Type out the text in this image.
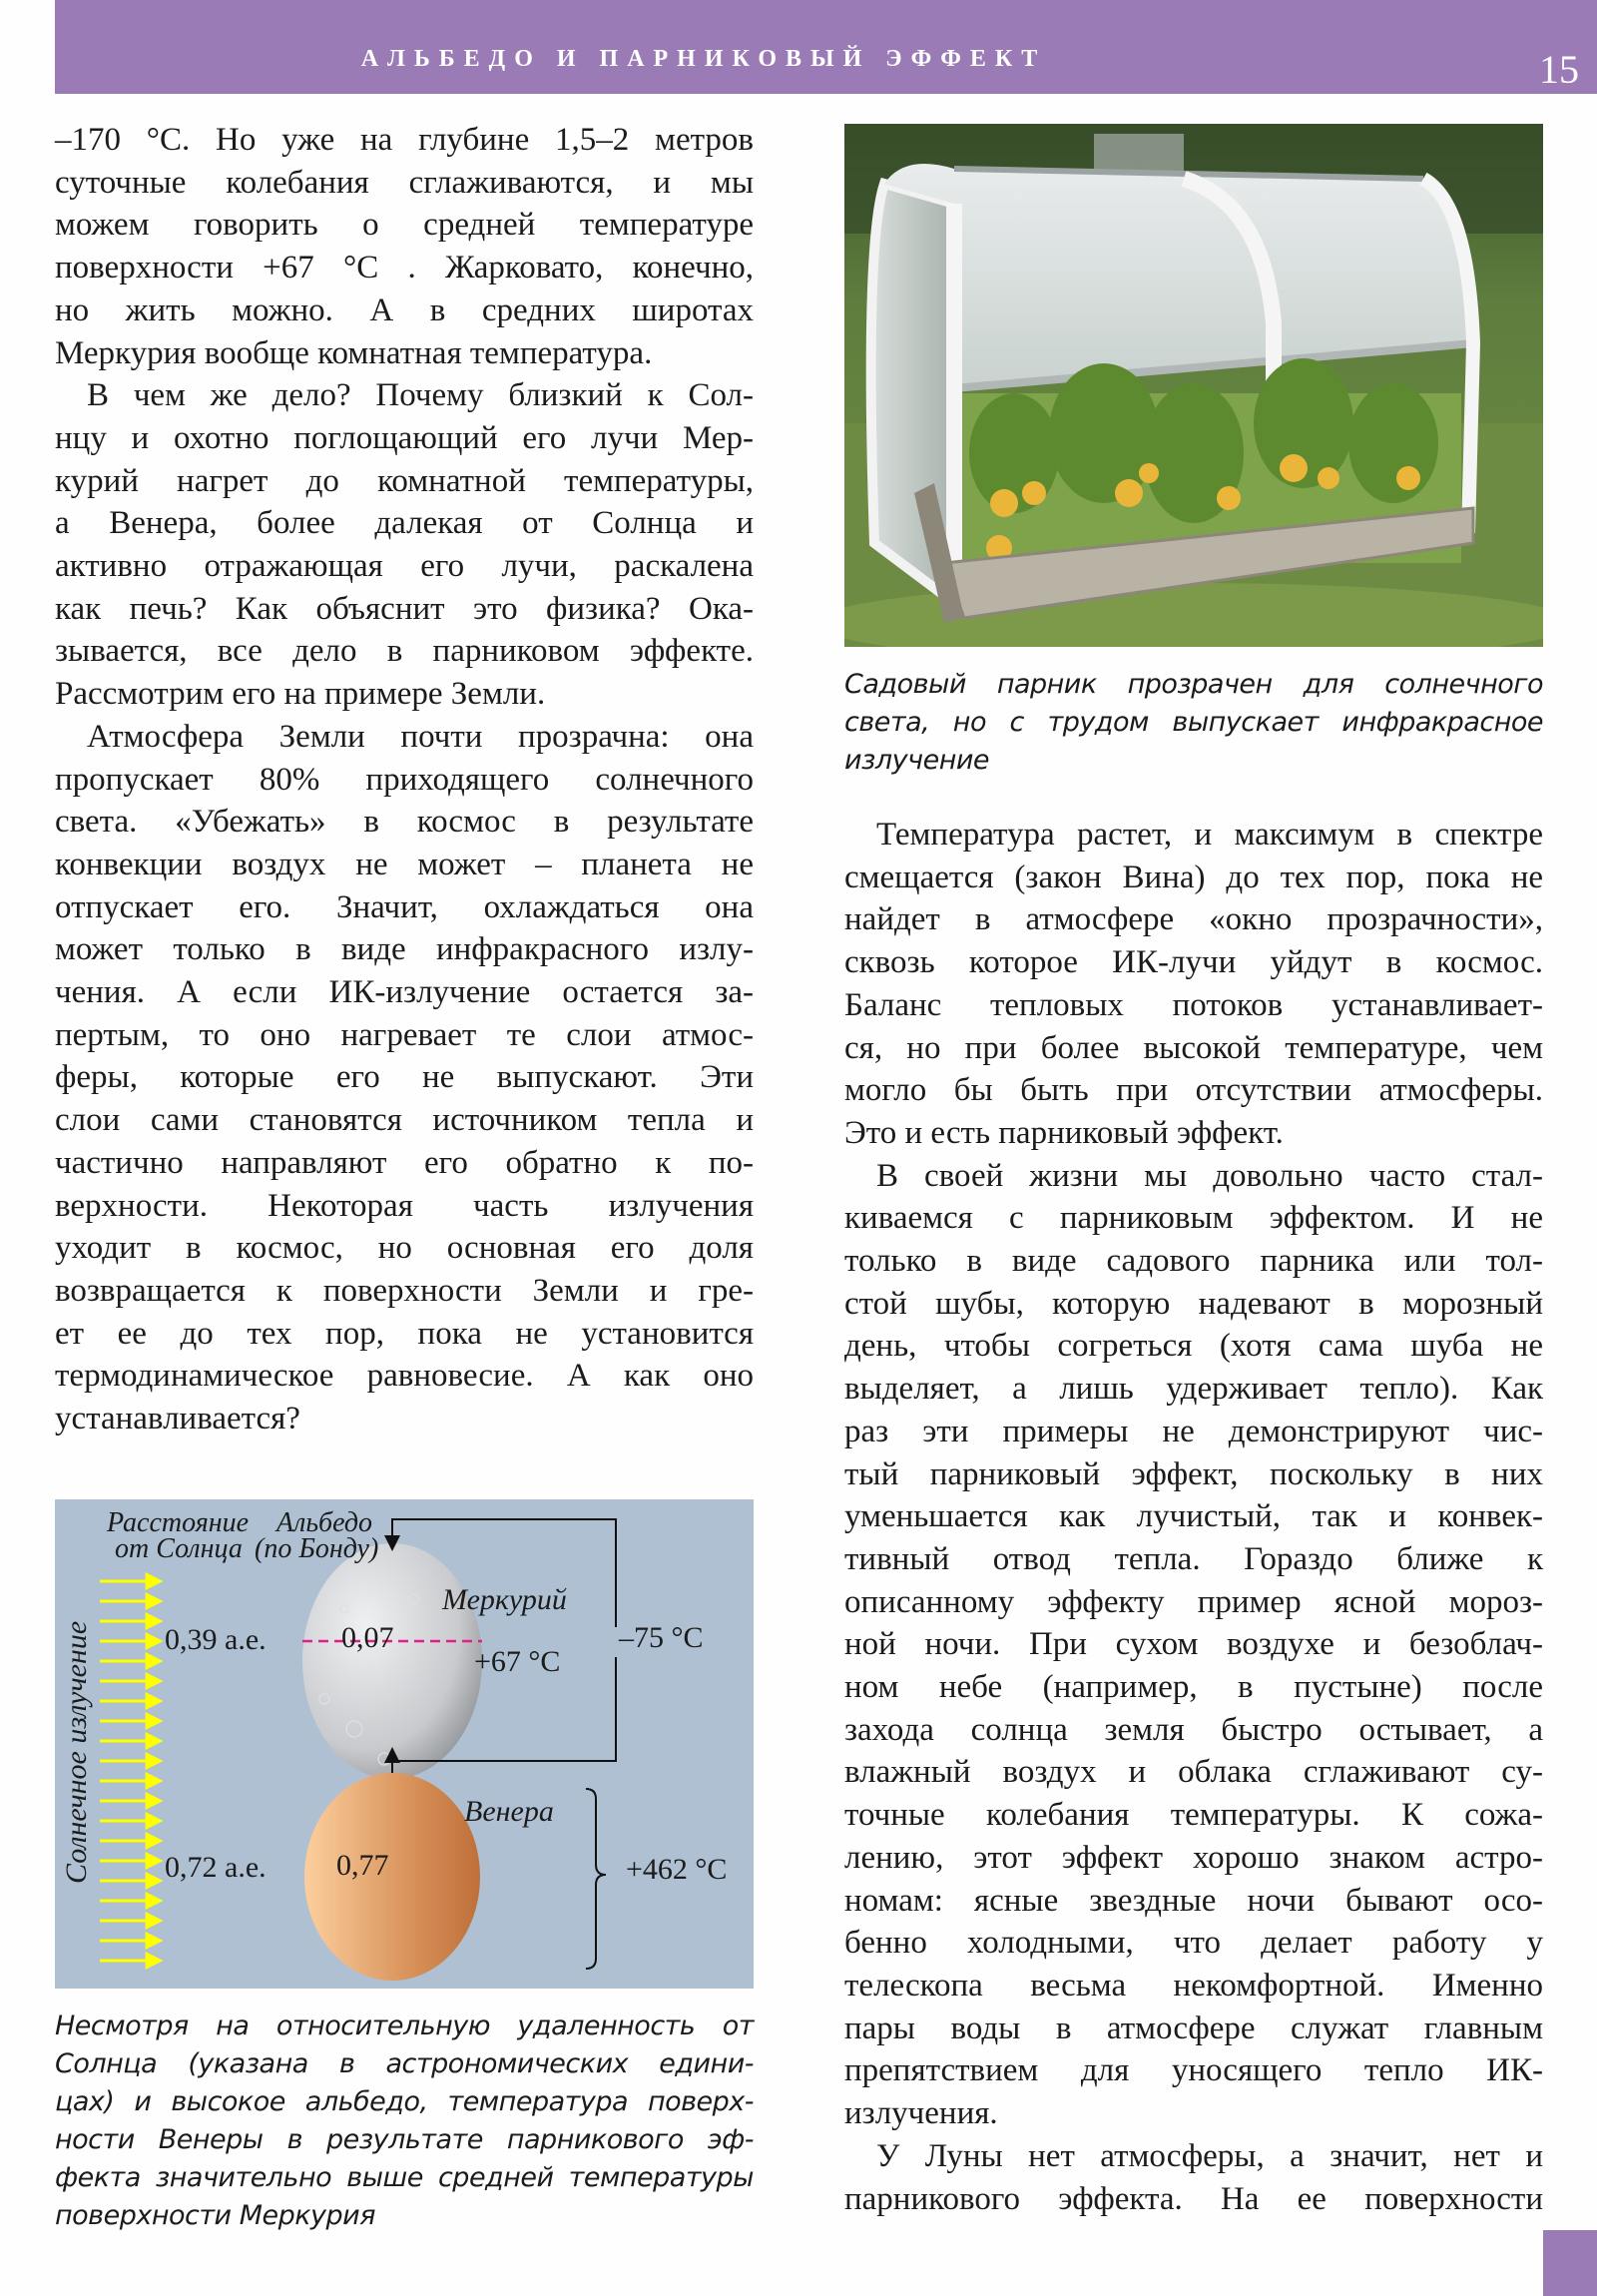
АЛЬБЕДО И ПАРНИКОВЫЙ ЭФФЕКТ	15
–170 °C. Но уже на глубине 1,5–2 метров
суточные колебания сглаживаются, и мы
можем говорить о средней температуре
поверхности +67 °C . Жарковато, конечно,
но жить можно. А в средних широтах
Меркурия вообще комнатная температура.
В чем же дело? Почему близкий к Сол-
нцу и охотно поглощающий его лучи Мер-
курий нагрет до комнатной температуры,
а Венера, более далекая от Солнца и
активно отражающая его лучи, раскалена
как печь? Как объяснит это физика? Ока-
зывается, все дело в парниковом эффекте.
Рассмотрим его на примере Земли.
Атмосфера Земли почти прозрачна: она
пропускает 80% приходящего солнечного
света. «Убежать» в космос в результате
конвекции воздух не может – планета не
отпускает его. Значит, охлаждаться она
может только в виде инфракрасного излу-
чения. А если ИК-излучение остается за-
пертым, то оно нагревает те слои атмос-
феры, которые его не выпускают. Эти
слои сами становятся источником тепла и
частично направляют его обратно к по-
верхности. Некоторая часть излучения
уходит в космос, но основная его доля
возвращается к поверхности Земли и гре-
ет ее до тех пор, пока не установится
термодинамическое равновесие. А как оно
устанавливается?
Садовый парник прозрачен для солнечного
света, но с трудом выпускает инфракрасное
излучение
Температура растет, и максимум в спектре
смещается (закон Вина) до тех пор, пока не
найдет в атмосфере «окно прозрачности»,
сквозь которое ИК-лучи уйдут в космос.
Баланс тепловых потоков устанавливает-
ся, но при более высокой температуре, чем
могло бы быть при отсутствии атмосферы.
Это и есть парниковый эффект.
В своей жизни мы довольно часто стал-
киваемся с парниковым эффектом. И не
только в виде садового парника или тол-
стой шубы, которую надевают в морозный
день, чтобы согреться (хотя сама шуба не
выделяет, а лишь удерживает тепло). Как
раз эти примеры не демонстрируют чис-
тый парниковый эффект, поскольку в них
уменьшается как лучистый, так и конвек-
тивный отвод тепла. Гораздо ближе к
описанному эффекту пример ясной мороз-
ной ночи. При сухом воздухе и безоблач-
ном небе (например, в пустыне) после
захода солнца земля быстро остывает, а
влажный воздух и облака сглаживают су-
точные колебания температуры. К сожа-
лению, этот эффект хорошо знаком астро-
номам: ясные звездные ночи бывают осо-
бенно холодными, что делает работу у
телескопа весьма некомфортной. Именно
пары воды в атмосфере служат главным
препятствием для уносящего тепло ИК-
излучения.
У Луны нет атмосферы, а значит, нет и
парникового эффекта. На ее поверхности
Солнечное излучение
Расстояние
от Солнца
Альбедо
(по Бонду)
0,39 а.е.	0,07
Меркурий
+67 °C
–75 °C
0,72 а.е. 0,77
Венера
+462 °C
Несмотря на относительную удаленность от
Солнца (указана в астрономических едини-
цах) и высокое альбедо, температура поверх-
ности Венеры в результате парникового эф-
фекта значительно выше средней температуры
поверхности Меркурия
